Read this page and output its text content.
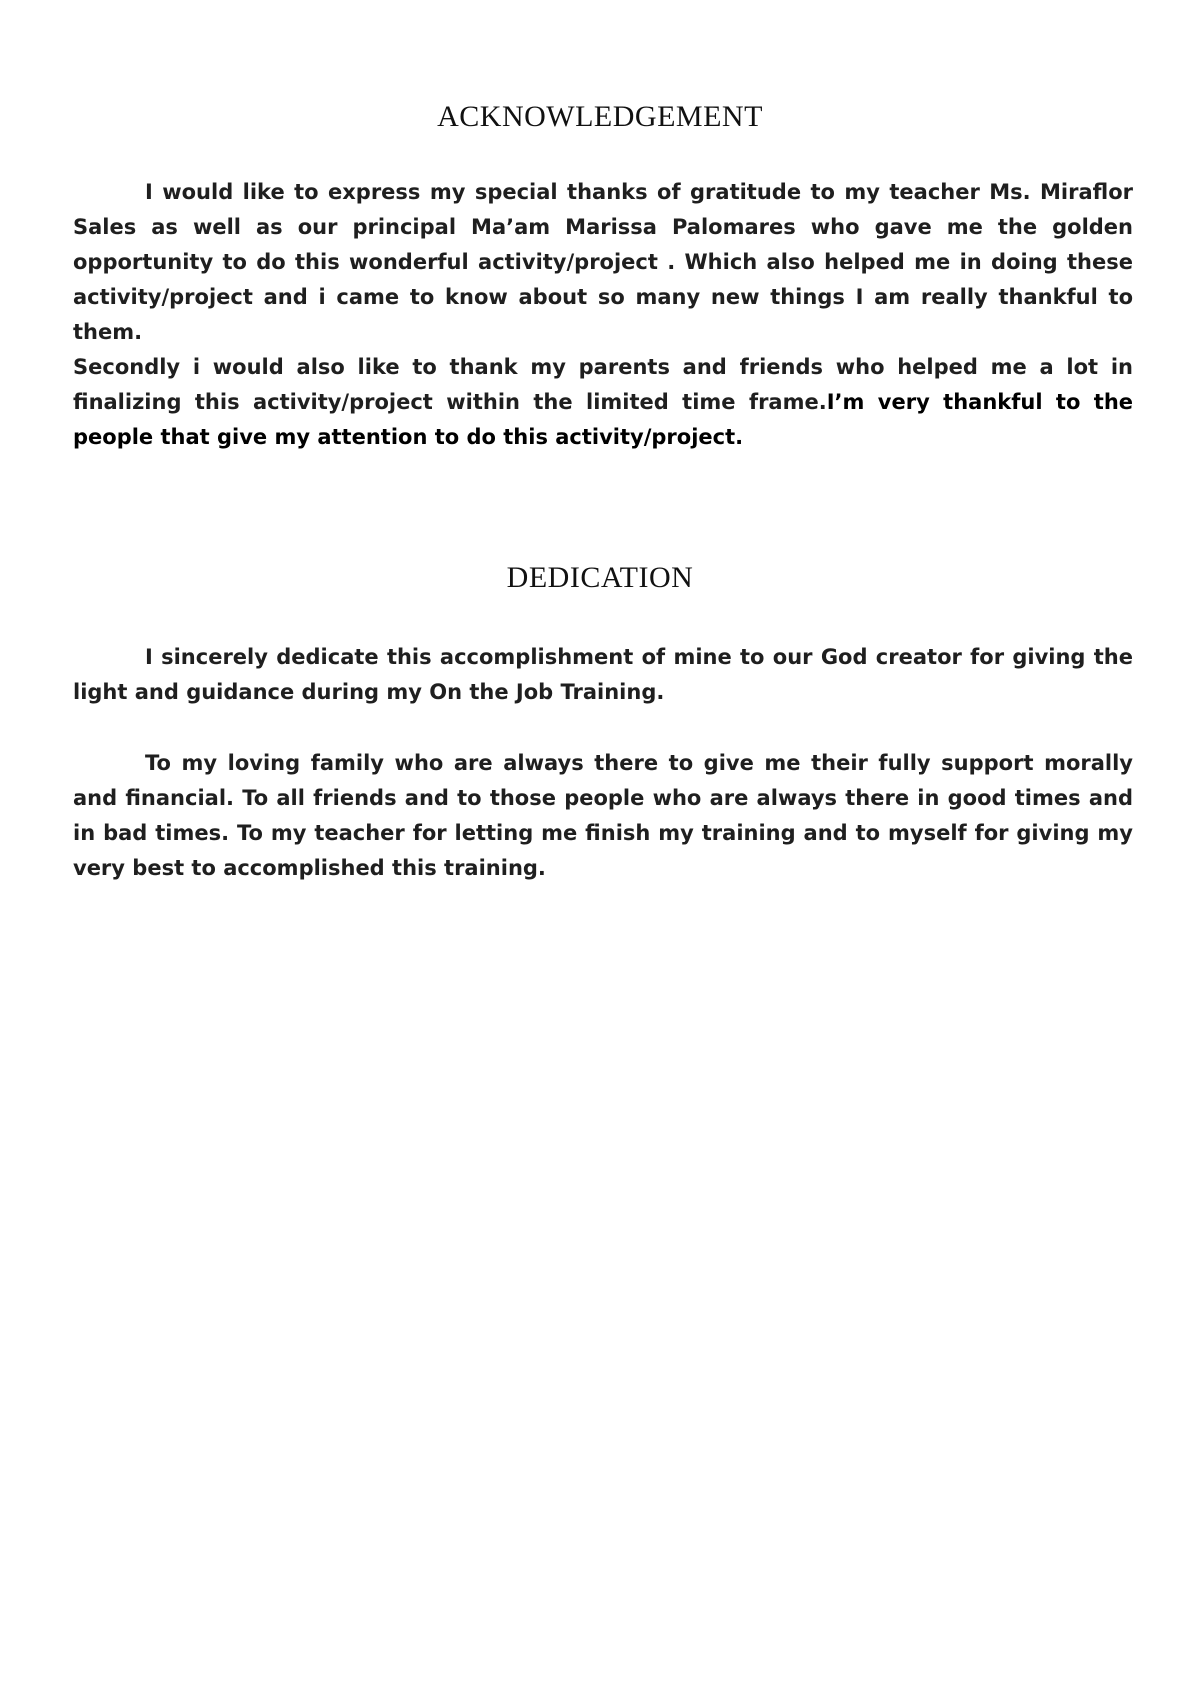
ACKNOWLEDGEMENT

I would like to express my special thanks of gratitude to my teacher Ms. Miraflor Sales as well as our principal Ma’am Marissa Palomares who gave me the golden opportunity to do this wonderful activity/project . Which also helped me in doing these activity/project and i came to know about so many new things I am really thankful to them.

Secondly i would also like to thank my parents and friends who helped me a lot in finalizing this activity/project within the limited time frame.I’m very thankful to the people that give my attention to do this activity/project.

DEDICATION

I sincerely dedicate this accomplishment of mine to our God creator for giving the light and guidance during my On the Job Training.

To my loving family who are always there to give me their fully support morally and financial. To all friends and to those people who are always there in good times and in bad times. To my teacher for letting me finish my training and to myself for giving my very best to accomplished this training.
